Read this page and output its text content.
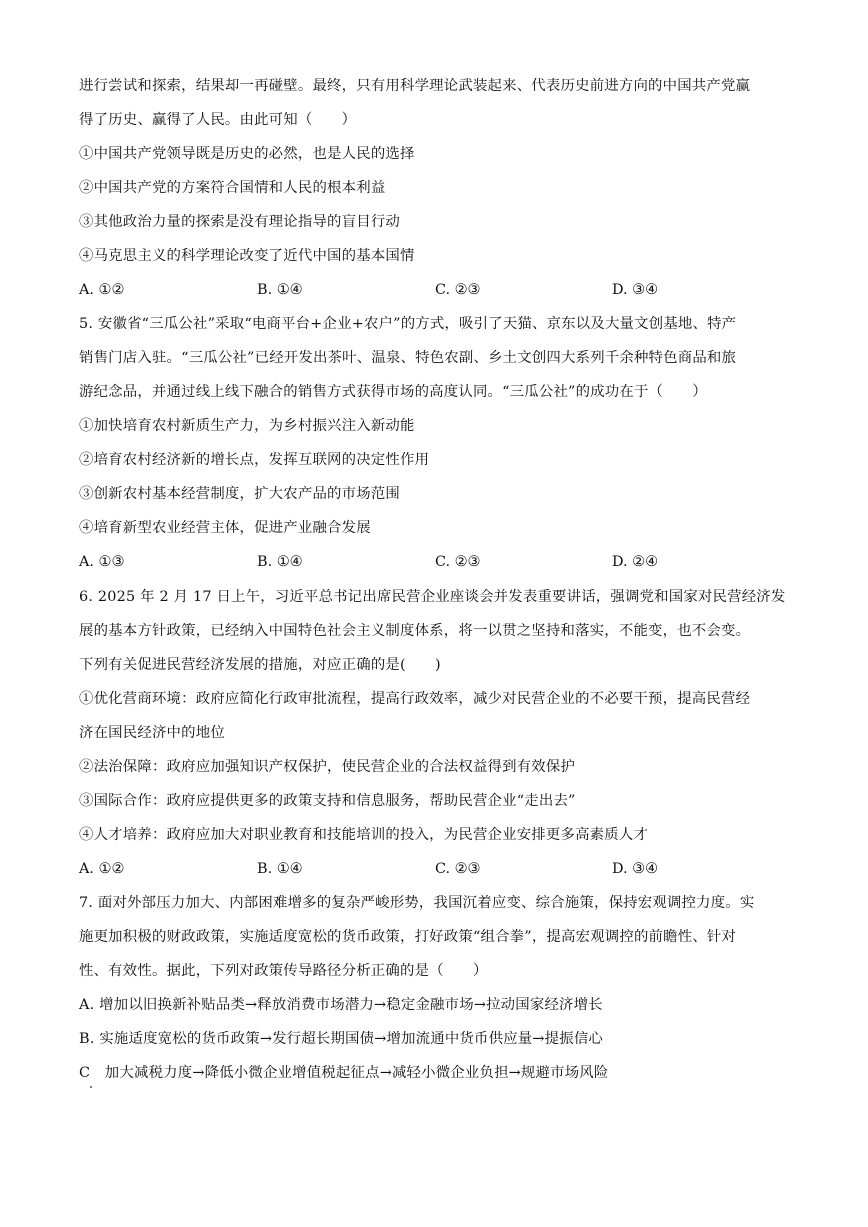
进行尝试和探索，结果却一再碰壁。最终，只有用科学理论武装起来、代表历史前进方向的中国共产党赢
得了历史、赢得了人民。由此可知（　　）
①中国共产党领导既是历史的必然，也是人民的选择
②中国共产党的方案符合国情和人民的根本利益
③其他政治力量的探索是没有理论指导的盲目行动
④马克思主义的科学理论改变了近代中国的基本国情
A. ①②	B. ①④	C. ②③	D. ③④
5. 安徽省“三瓜公社”采取“电商平台+企业+农户”的方式，吸引了天猫、京东以及大量文创基地、特产
销售门店入驻。“三瓜公社”已经开发出茶叶、温泉、特色农副、乡土文创四大系列千余种特色商品和旅
游纪念品，并通过线上线下融合的销售方式获得市场的高度认同。“三瓜公社”的成功在于（　　）
①加快培育农村新质生产力，为乡村振兴注入新动能
②培育农村经济新的增长点，发挥互联网的决定性作用
③创新农村基本经营制度，扩大农产品的市场范围
④培育新型农业经营主体，促进产业融合发展
A. ①③	B. ①④	C. ②③	D. ②④
6. 2025 年 2 月 17 日上午，习近平总书记出席民营企业座谈会并发表重要讲话，强调党和国家对民营经济发
展的基本方针政策，已经纳入中国特色社会主义制度体系，将一以贯之坚持和落实，不能变，也不会变。
下列有关促进民营经济发展的措施，对应正确的是(　　)
①优化营商环境：政府应简化行政审批流程，提高行政效率，减少对民营企业的不必要干预，提高民营经
济在国民经济中的地位
②法治保障：政府应加强知识产权保护，使民营企业的合法权益得到有效保护
③国际合作：政府应提供更多的政策支持和信息服务，帮助民营企业“走出去”
④人才培养：政府应加大对职业教育和技能培训的投入，为民营企业安排更多高素质人才
A. ①②	B. ①④	C. ②③	D. ③④
7. 面对外部压力加大、内部困难增多的复杂严峻形势，我国沉着应变、综合施策，保持宏观调控力度。实
施更加积极的财政政策，实施适度宽松的货币政策，打好政策“组合拳”，提高宏观调控的前瞻性、针对
性、有效性。据此，下列对政策传导路径分析正确的是（　　）
A. 增加以旧换新补贴品类→释放消费市场潜力→稳定金融市场→拉动国家经济增长
B. 实施适度宽松的货币政策→发行超长期国债→增加流通中货币供应量→提振信心
C　加大减税力度→降低小微企业增值税起征点→减轻小微企业负担→规避市场风险
